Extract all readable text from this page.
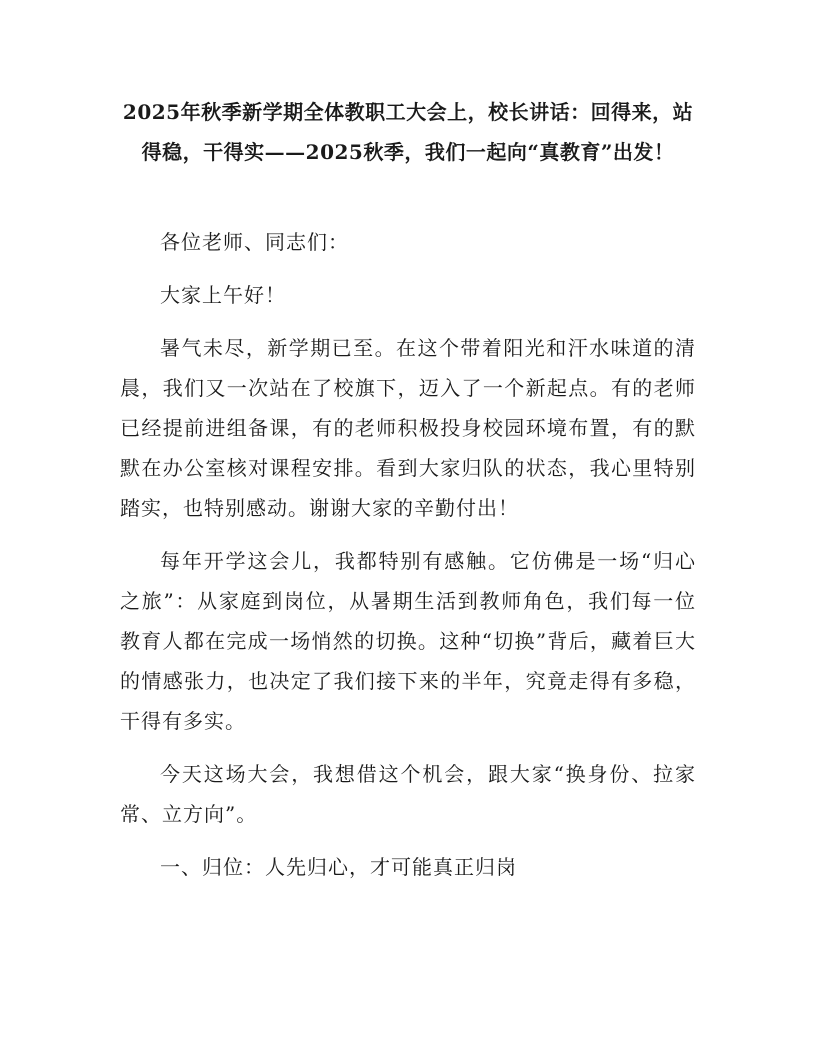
2025年秋季新学期全体教职工大会上，校长讲话：回得来，站得稳，干得实——2025秋季，我们一起向“真教育”出发！

各位老师、同志们：

大家上午好！

暑气未尽，新学期已至。在这个带着阳光和汗水味道的清晨，我们又一次站在了校旗下，迈入了一个新起点。有的老师已经提前进组备课，有的老师积极投身校园环境布置，有的默默在办公室核对课程安排。看到大家归队的状态，我心里特别踏实，也特别感动。谢谢大家的辛勤付出！

每年开学这会儿，我都特别有感触。它仿佛是一场“归心之旅”：从家庭到岗位，从暑期生活到教师角色，我们每一位教育人都在完成一场悄然的切换。这种“切换”背后，藏着巨大的情感张力，也决定了我们接下来的半年，究竟走得有多稳，干得有多实。

今天这场大会，我想借这个机会，跟大家“换身份、拉家常、立方向”。

一、归位：人先归心，才可能真正归岗
